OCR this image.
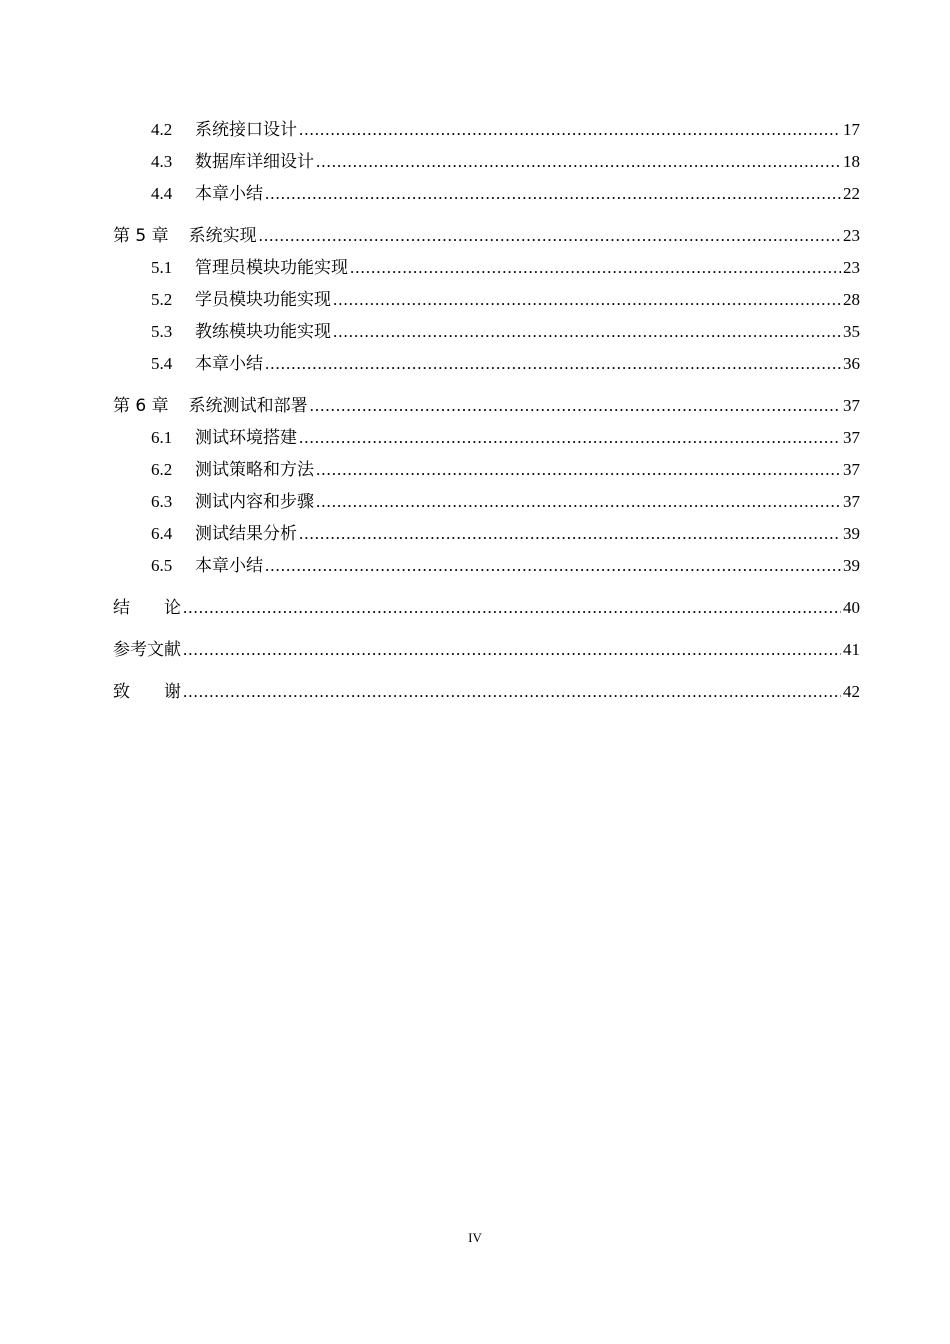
4.2	系统接口设计 .....	17
4.3	数据库详细设计 .....	18
4.4	本章小结 .....	22
第 5 章 系统实现 .....	23
5.1	管理员模块功能实现 .....	23
5.2	学员模块功能实现 .....	28
5.3	教练模块功能实现 .....	35
5.4	本章小结 .....	36
第 6 章 系统测试和部署 .....	37
6.1	测试环境搭建 .....	37
6.2	测试策略和方法 .....	37
6.3	测试内容和步骤 .....	37
6.4	测试结果分析 .....	39
6.5	本章小结 .....	39
结　　论 .....	40
参考文献 .....	41
致　　谢 .....	42
IV
